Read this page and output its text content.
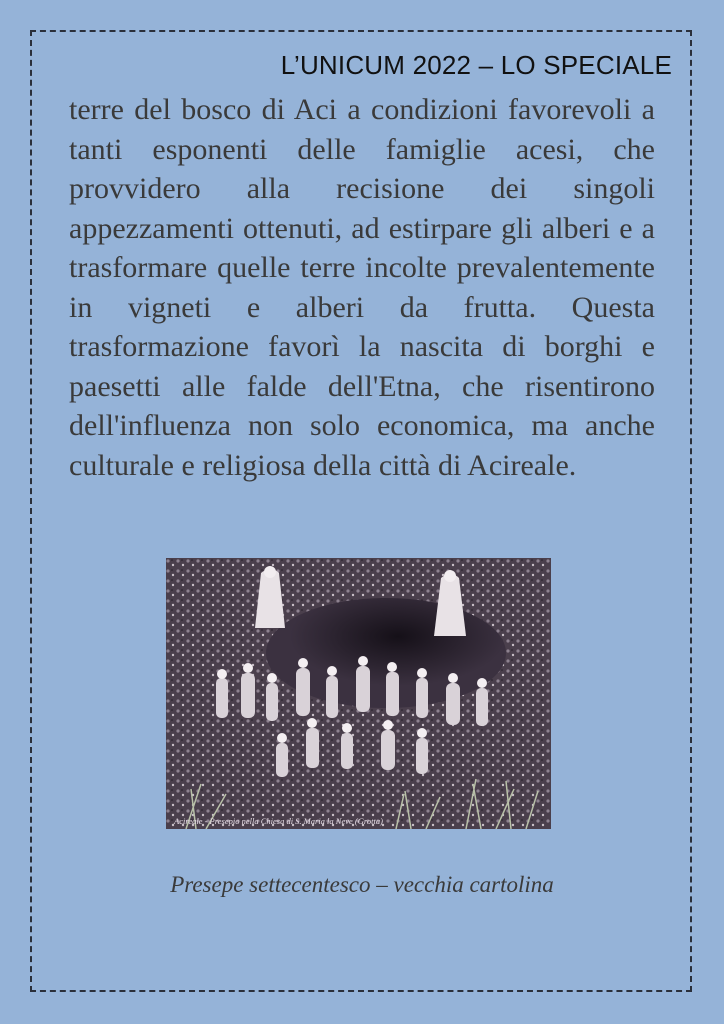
L’UNICUM 2022 – LO SPECIALE
terre del bosco di Aci a condizioni favorevoli a tanti esponenti delle famiglie acesi, che provvidero alla recisione dei singoli appezzamenti ottenuti, ad estirpare gli alberi e a trasformare quelle terre incolte prevalentemente in vigneti e alberi da frutta. Questa trasformazione favorì la nascita di borghi e paesetti alle falde dell'Etna, che risentirono dell'influenza non solo economica, ma anche culturale e religiosa della città di Acireale.
Acireale - Presepio nella Chiesa di S. Maria la Neve (Grotta)
Presepe settecentesco – vecchia cartolina
